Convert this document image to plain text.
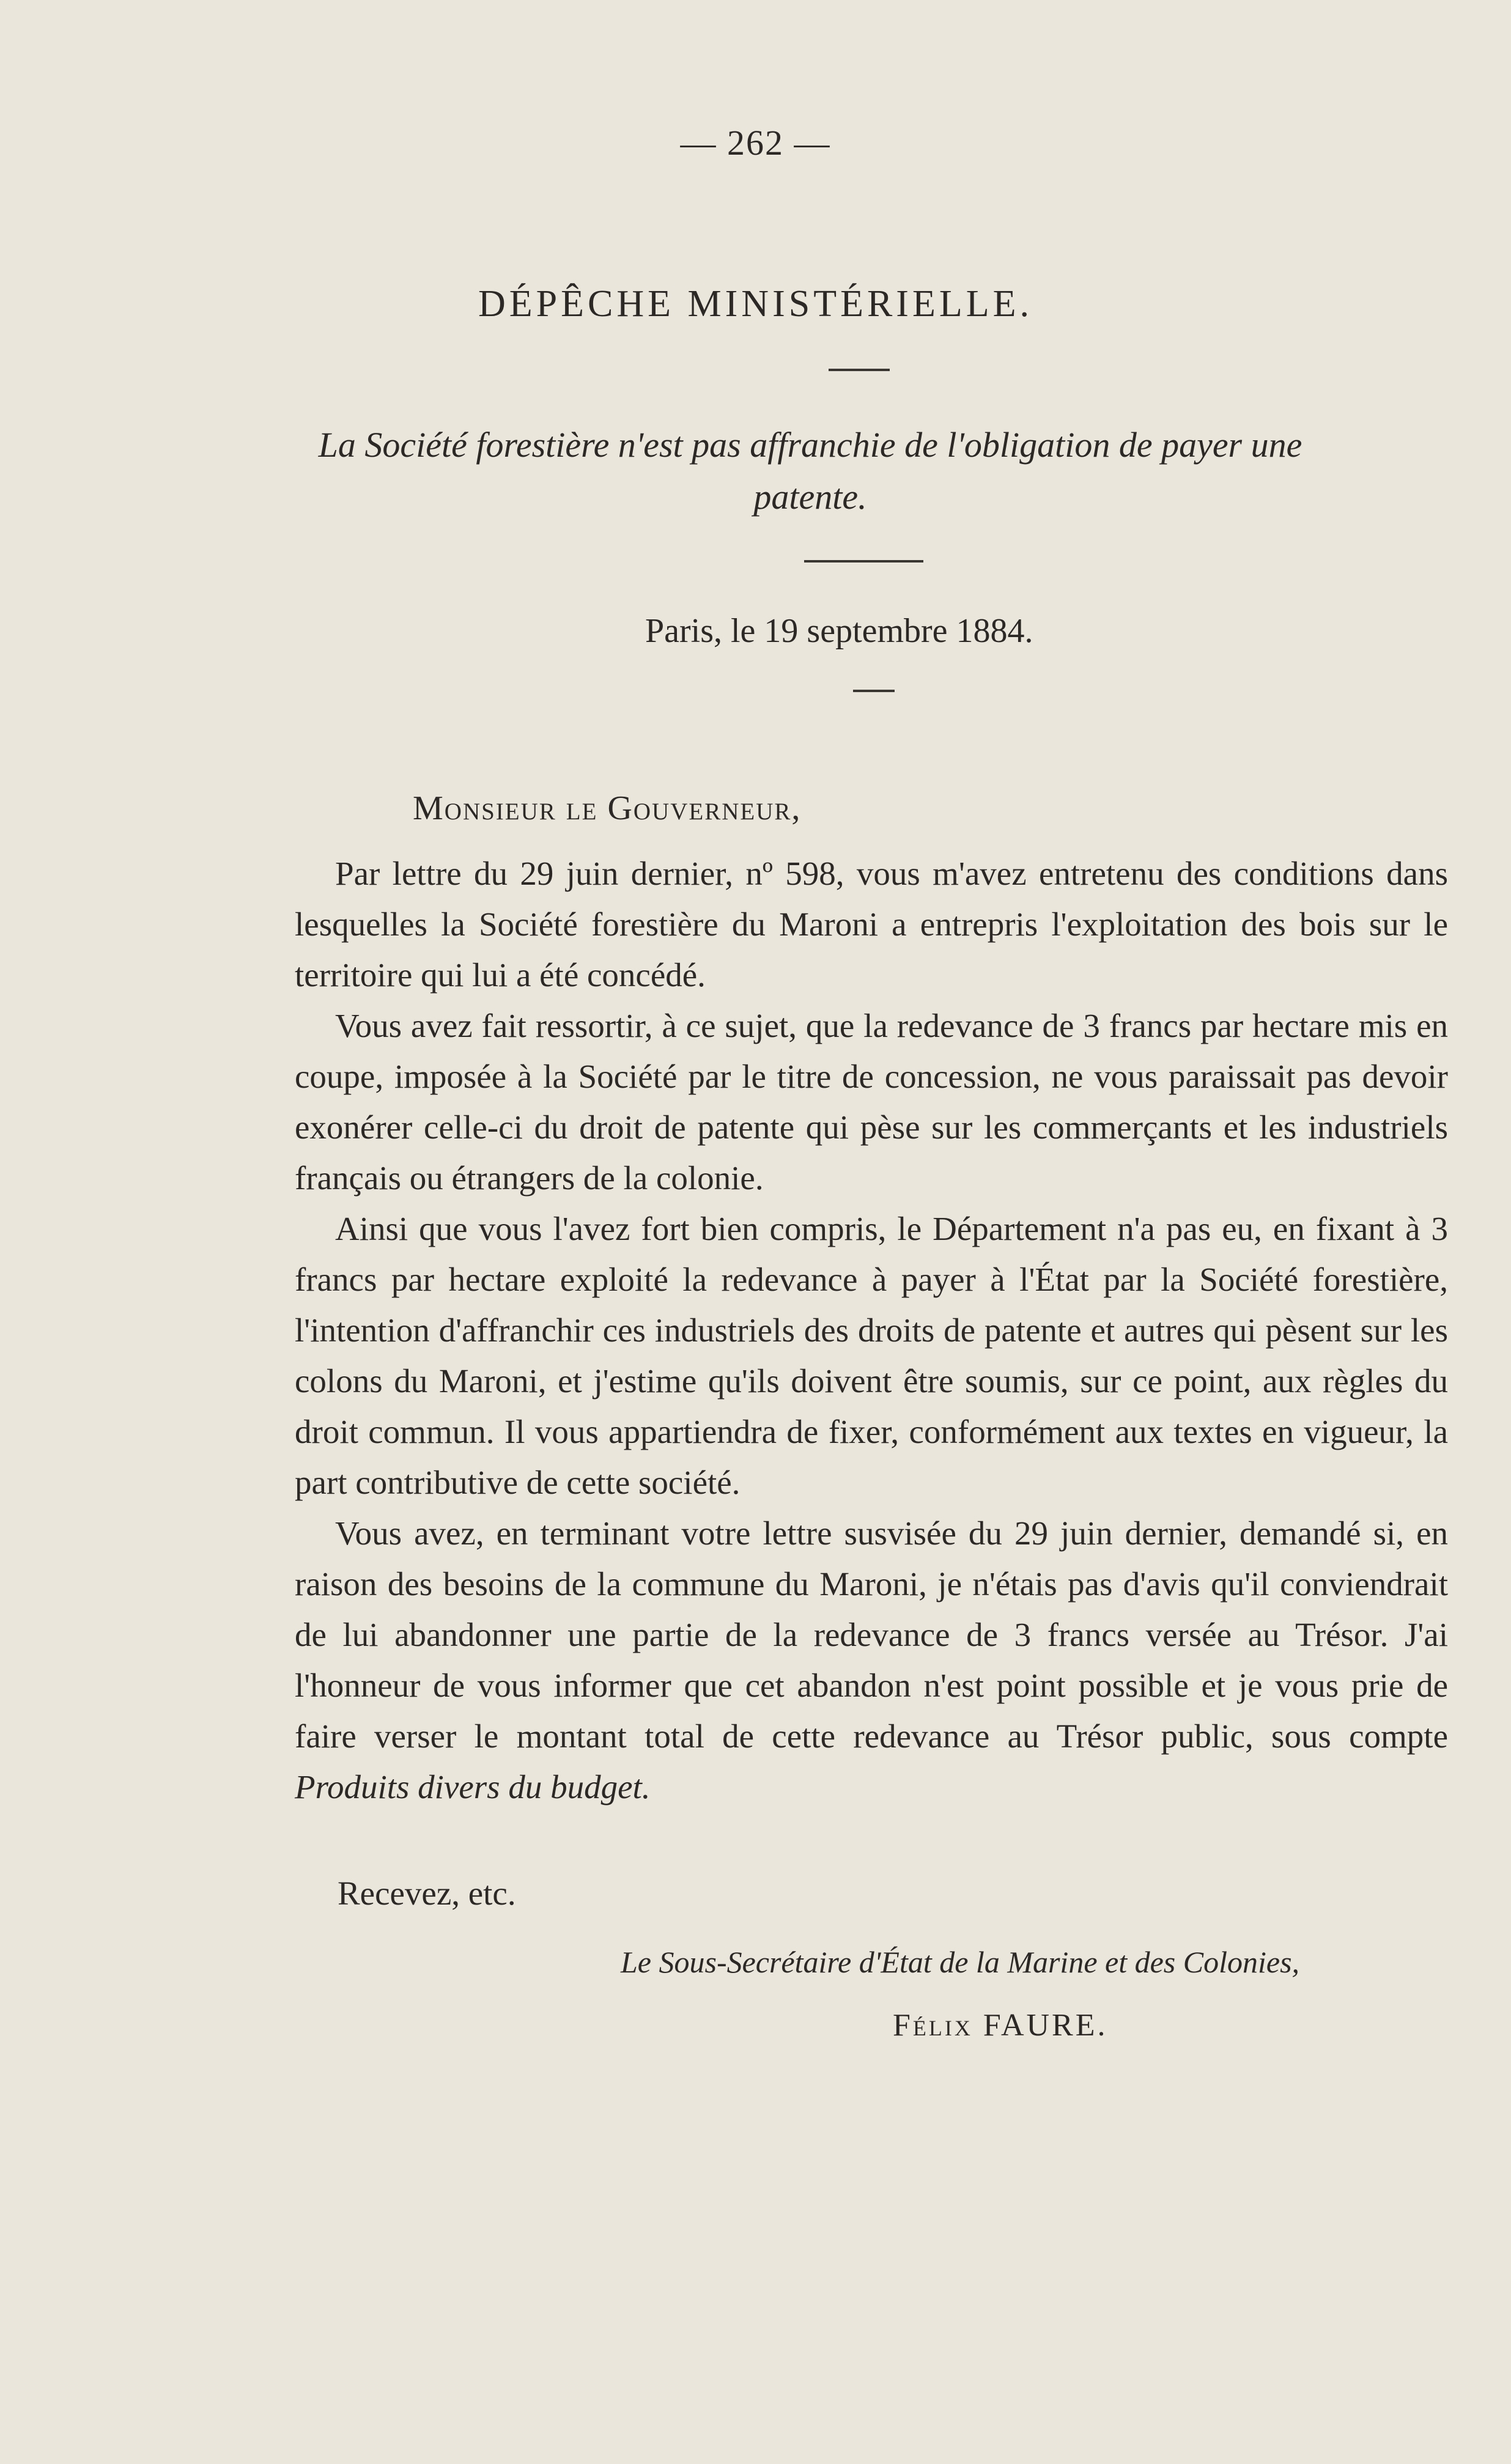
— 262 —
DÉPÊCHE MINISTÉRIELLE.
La Société forestière n'est pas affranchie de l'obligation de payer une patente.
Paris, le 19 septembre 1884.
Monsieur le Gouverneur,

Par lettre du 29 juin dernier, nº 598, vous m'avez entretenu des conditions dans lesquelles la Société forestière du Maroni a entrepris l'exploitation des bois sur le territoire qui lui a été concédé.

Vous avez fait ressortir, à ce sujet, que la redevance de 3 francs par hectare mis en coupe, imposée à la Société par le titre de concession, ne vous paraissait pas devoir exonérer celle-ci du droit de patente qui pèse sur les commerçants et les industriels français ou étrangers de la colonie.

Ainsi que vous l'avez fort bien compris, le Département n'a pas eu, en fixant à 3 francs par hectare exploité la redevance à payer à l'État par la Société forestière, l'intention d'affranchir ces industriels des droits de patente et autres qui pèsent sur les colons du Maroni, et j'estime qu'ils doivent être soumis, sur ce point, aux règles du droit commun. Il vous appartiendra de fixer, conformément aux textes en vigueur, la part contributive de cette société.

Vous avez, en terminant votre lettre susvisée du 29 juin dernier, demandé si, en raison des besoins de la commune du Maroni, je n'étais pas d'avis qu'il conviendrait de lui abandonner une partie de la redevance de 3 francs versée au Trésor. J'ai l'honneur de vous informer que cet abandon n'est point possible et je vous prie de faire verser le montant total de cette redevance au Trésor public, sous compte Produits divers du budget.

Recevez, etc.
Le Sous-Secrétaire d'État de la Marine et des Colonies,
Félix FAURE.
